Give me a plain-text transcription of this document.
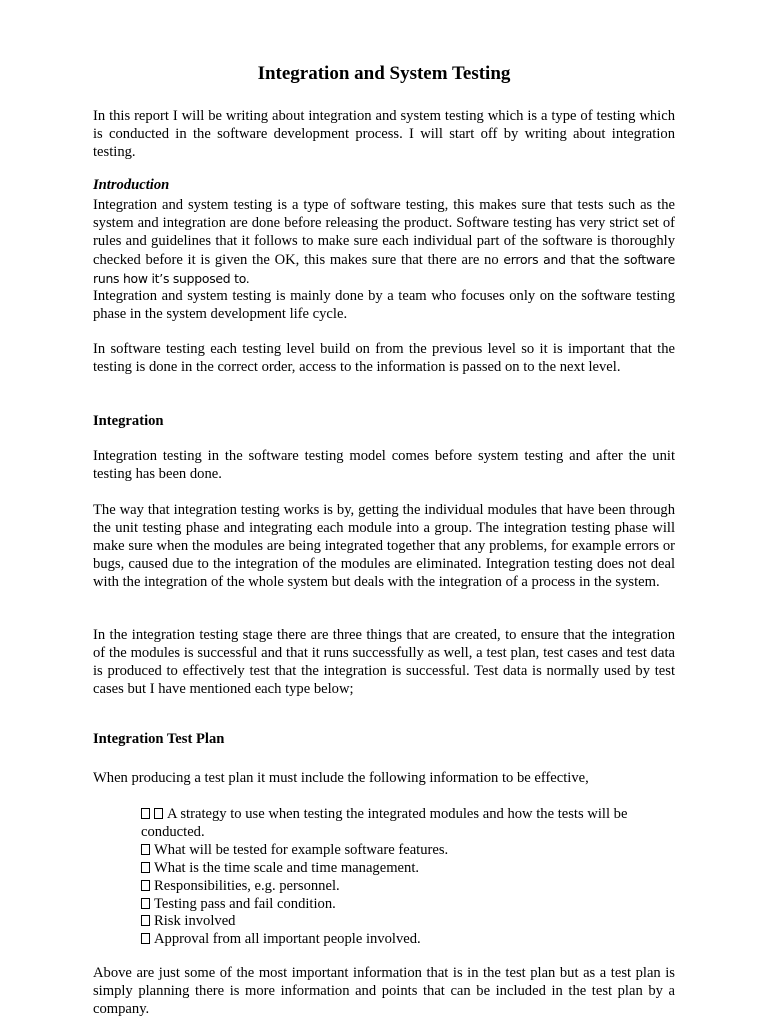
Integration and System Testing

In this report I will be writing about integration and system testing which is a type of testing which is conducted in the software development process. I will start off by writing about integration testing.

Introduction

Integration and system testing is a type of software testing, this makes sure that tests such as the system and integration are done before releasing the product. Software testing has very strict set of rules and guidelines that it follows to make sure each individual part of the software is thoroughly checked before it is given the OK, this makes sure that there are no errors and that the software runs how it’s supposed to.

Integration and system testing is mainly done by a team who focuses only on the software testing phase in the system development life cycle.

In software testing each testing level build on from the previous level so it is important that the testing is done in the correct order, access to the information is passed on to the next level.

Integration

Integration testing in the software testing model comes before system testing and after the unit testing has been done.

The way that integration testing works is by, getting the individual modules that have been through the unit testing phase and integrating each module into a group. The integration testing phase will make sure when the modules are being integrated together that any problems, for example errors or bugs, caused due to the integration of the modules are eliminated. Integration testing does not deal with the integration of the whole system but deals with the integration of a process in the system.

In the integration testing stage there are three things that are created, to ensure that the integration of the modules is successful and that it runs successfully as well, a test plan, test cases and test data is produced to effectively test that the integration is successful. Test data is normally used by test cases but I have mentioned each type below;

Integration Test Plan

When producing a test plan it must include the following information to be effective,

A strategy to use when testing the integrated modules and how the tests will be
conducted.
What will be tested for example software features.
What is the time scale and time management.
Responsibilities, e.g. personnel.
Testing pass and fail condition.
Risk involved
Approval from all important people involved.

Above are just some of the most important information that is in the test plan but as a test plan is simply planning there is more information and points that can be included in the test plan by a company.
